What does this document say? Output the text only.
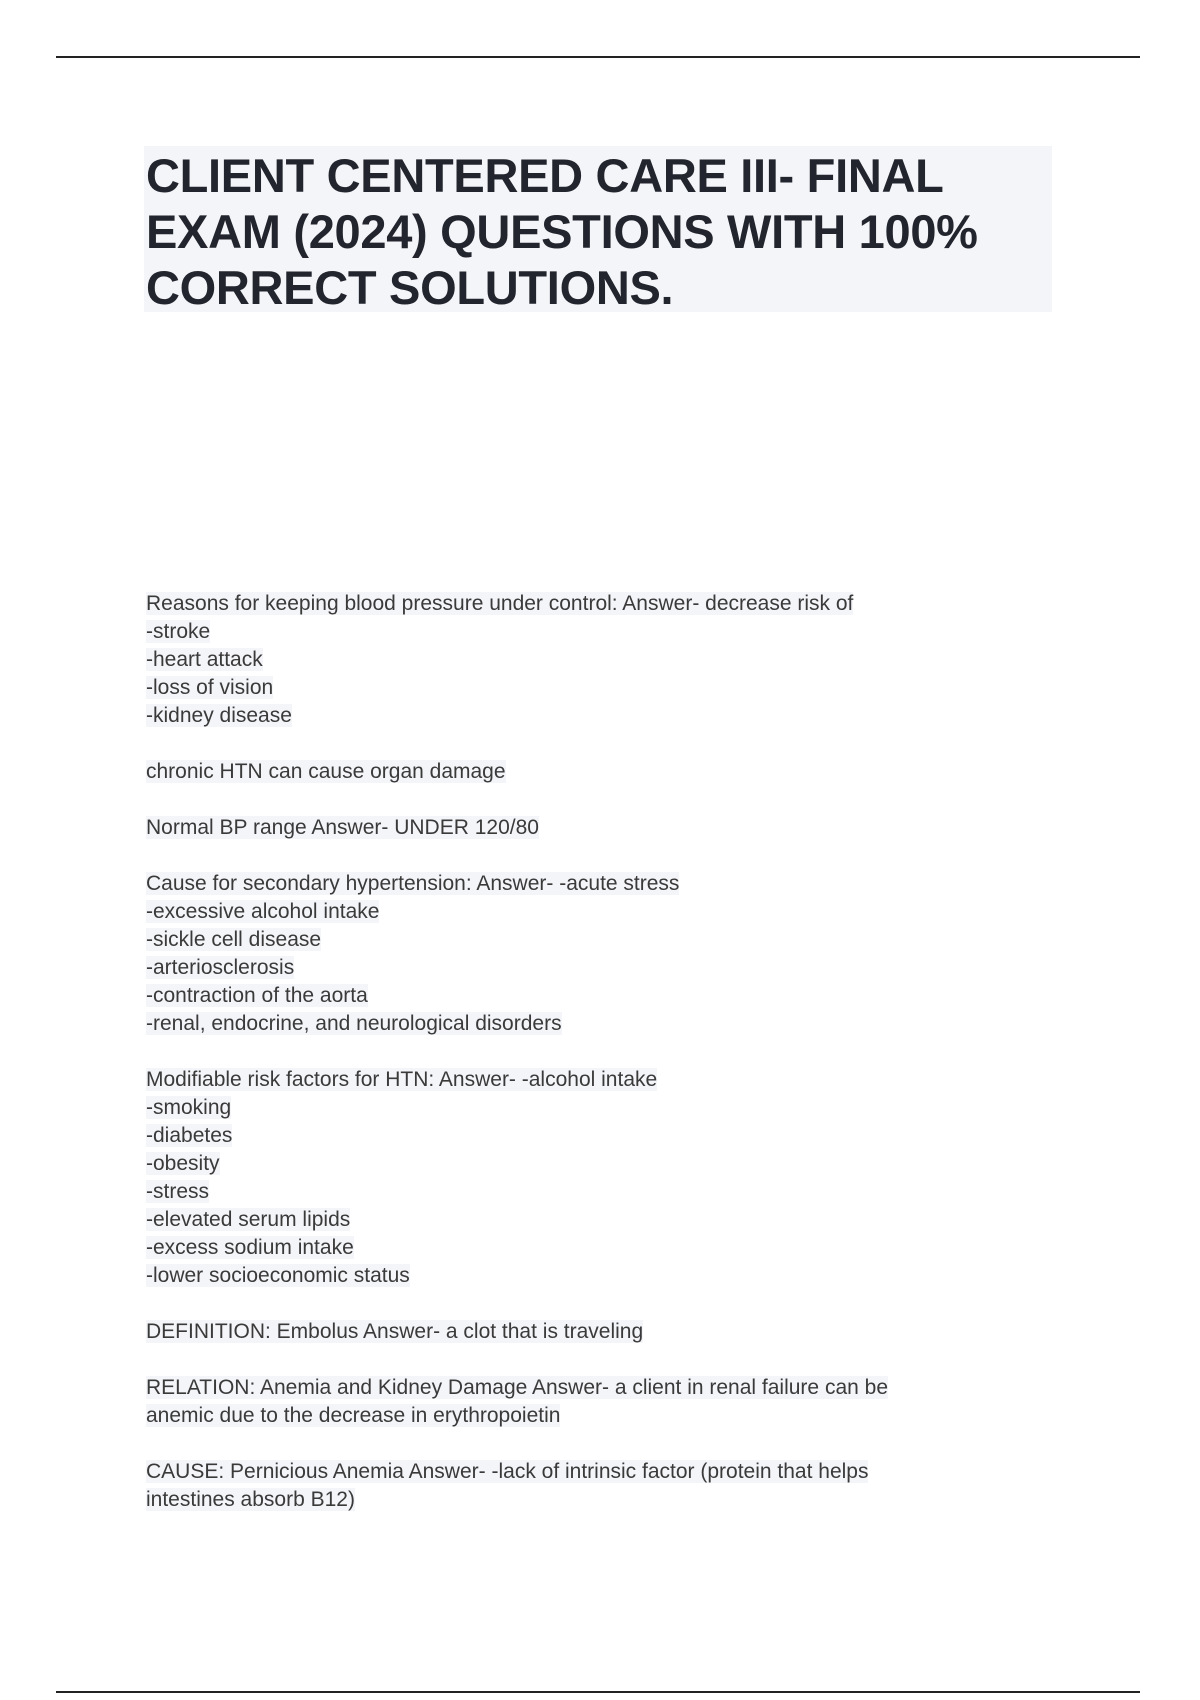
CLIENT CENTERED CARE III- FINAL EXAM (2024) QUESTIONS WITH 100% CORRECT SOLUTIONS.
Reasons for keeping blood pressure under control: Answer- decrease risk of
-stroke
-heart attack
-loss of vision
-kidney disease
chronic HTN can cause organ damage
Normal BP range Answer- UNDER 120/80
Cause for secondary hypertension: Answer- -acute stress
-excessive alcohol intake
-sickle cell disease
-arteriosclerosis
-contraction of the aorta
-renal, endocrine, and neurological disorders
Modifiable risk factors for HTN: Answer- -alcohol intake
-smoking
-diabetes
-obesity
-stress
-elevated serum lipids
-excess sodium intake
-lower socioeconomic status
DEFINITION: Embolus Answer- a clot that is traveling
RELATION: Anemia and Kidney Damage Answer- a client in renal failure can be
anemic due to the decrease in erythropoietin
CAUSE: Pernicious Anemia Answer- -lack of intrinsic factor (protein that helps
intestines absorb B12)
